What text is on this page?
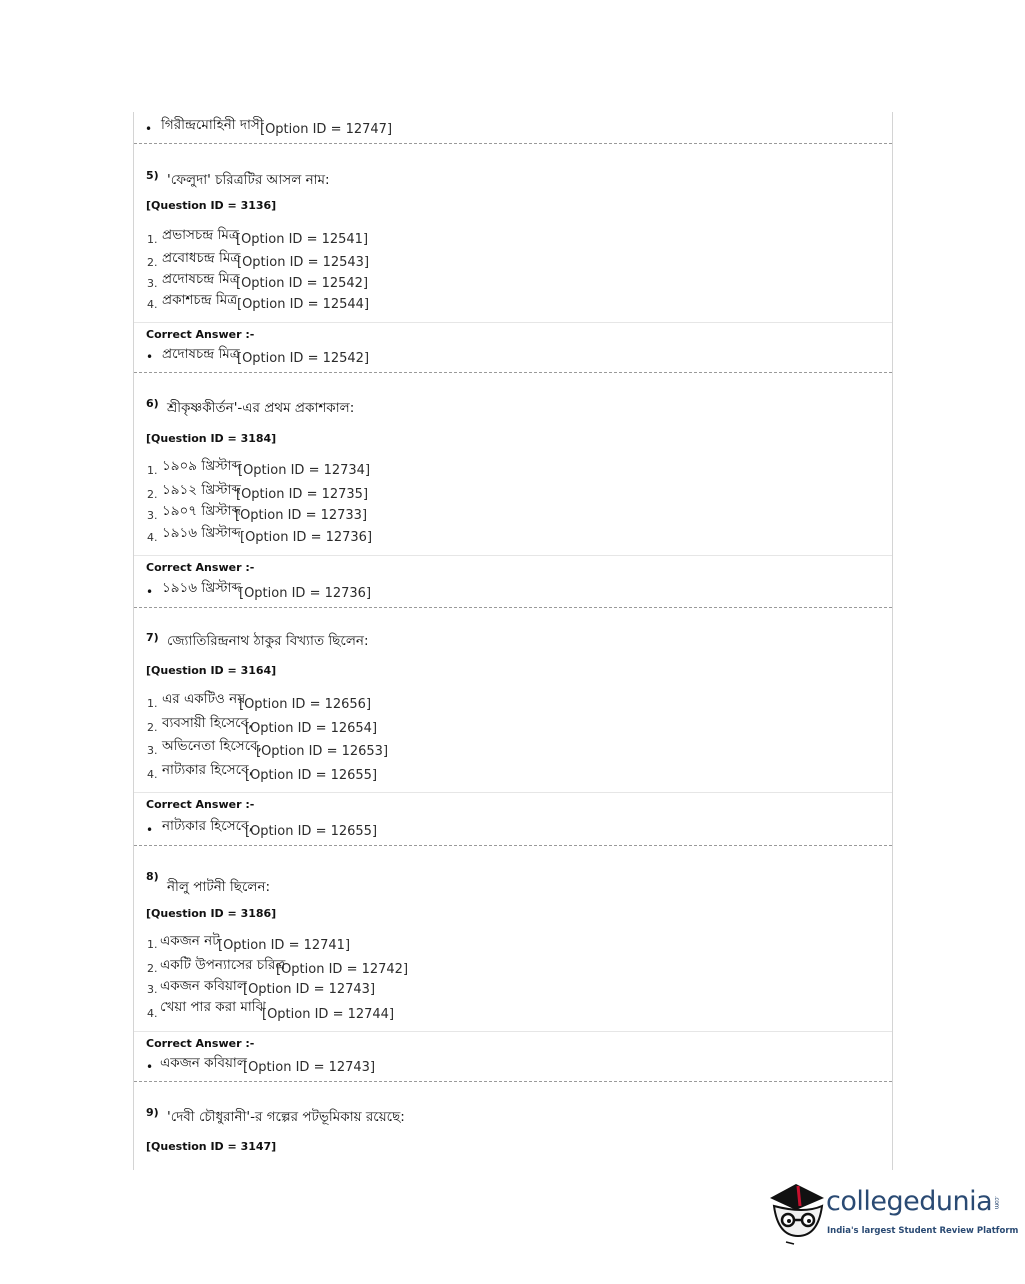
• গিরীন্দ্রমোহিনী দাসী
[Option ID = 12747]
5) 'ফেলুদা' চরিত্রটির আসল নাম:
[Question ID = 3136]
1. প্রভাসচন্দ্র মিত্র
[Option ID = 12541]
2. প্রবোধচন্দ্র মিত্র
[Option ID = 12543]
3. প্রদোষচন্দ্র মিত্র
[Option ID = 12542]
4. প্রকাশচন্দ্র মিত্র [Option ID = 12544]
Correct Answer :-
• প্রদোষচন্দ্র মিত্র
[Option ID = 12542]
6) শ্রীকৃষ্ণকীর্তন'-এর প্রথম প্রকাশকাল:
[Question ID = 3184]
1. ১৯০৯ খ্রিস্টাব্দ
[Option ID = 12734]
2. ১৯১২ খ্রিস্টাব্দ
[Option ID = 12735]
3. ১৯০৭ খ্রিস্টাব্দ
[Option ID = 12733]
4. ১৯১৬ খ্রিস্টাব্দ [Option ID = 12736]
Correct Answer :-
• ১৯১৬ খ্রিস্টাব্দ
[Option ID = 12736]
7) জ্যোতিরিন্দ্রনাথ ঠাকুর বিখ্যাত ছিলেন:
[Question ID = 3164]
1. এর একটিও নয়
[Option ID = 12656]
2. ব্যবসায়ী হিসেবে,
[Option ID = 12654]
3. অভিনেতা হিসেবে,
[Option ID = 12653]
4. নাট্যকার হিসেবে,
[Option ID = 12655]
Correct Answer :-
• নাট্যকার হিসেবে,
[Option ID = 12655]
8)
নীলু পাটনী ছিলেন:
[Question ID = 3186]
1. একজন নট
[Option ID = 12741]
2. একটি উপন্যাসের চরিত্র
[Option ID = 12742]
3. একজন কবিয়াল
[Option ID = 12743]
4. খেয়া পার করা মাঝি
[Option ID = 12744]
Correct Answer :-
• একজন কবিয়াল
[Option ID = 12743]
9) 'দেবী চৌধুরানী'-র গল্পের পটভূমিকায় রয়েছে:
[Question ID = 3147]
collegedunia.com
India's largest Student Review Platform
